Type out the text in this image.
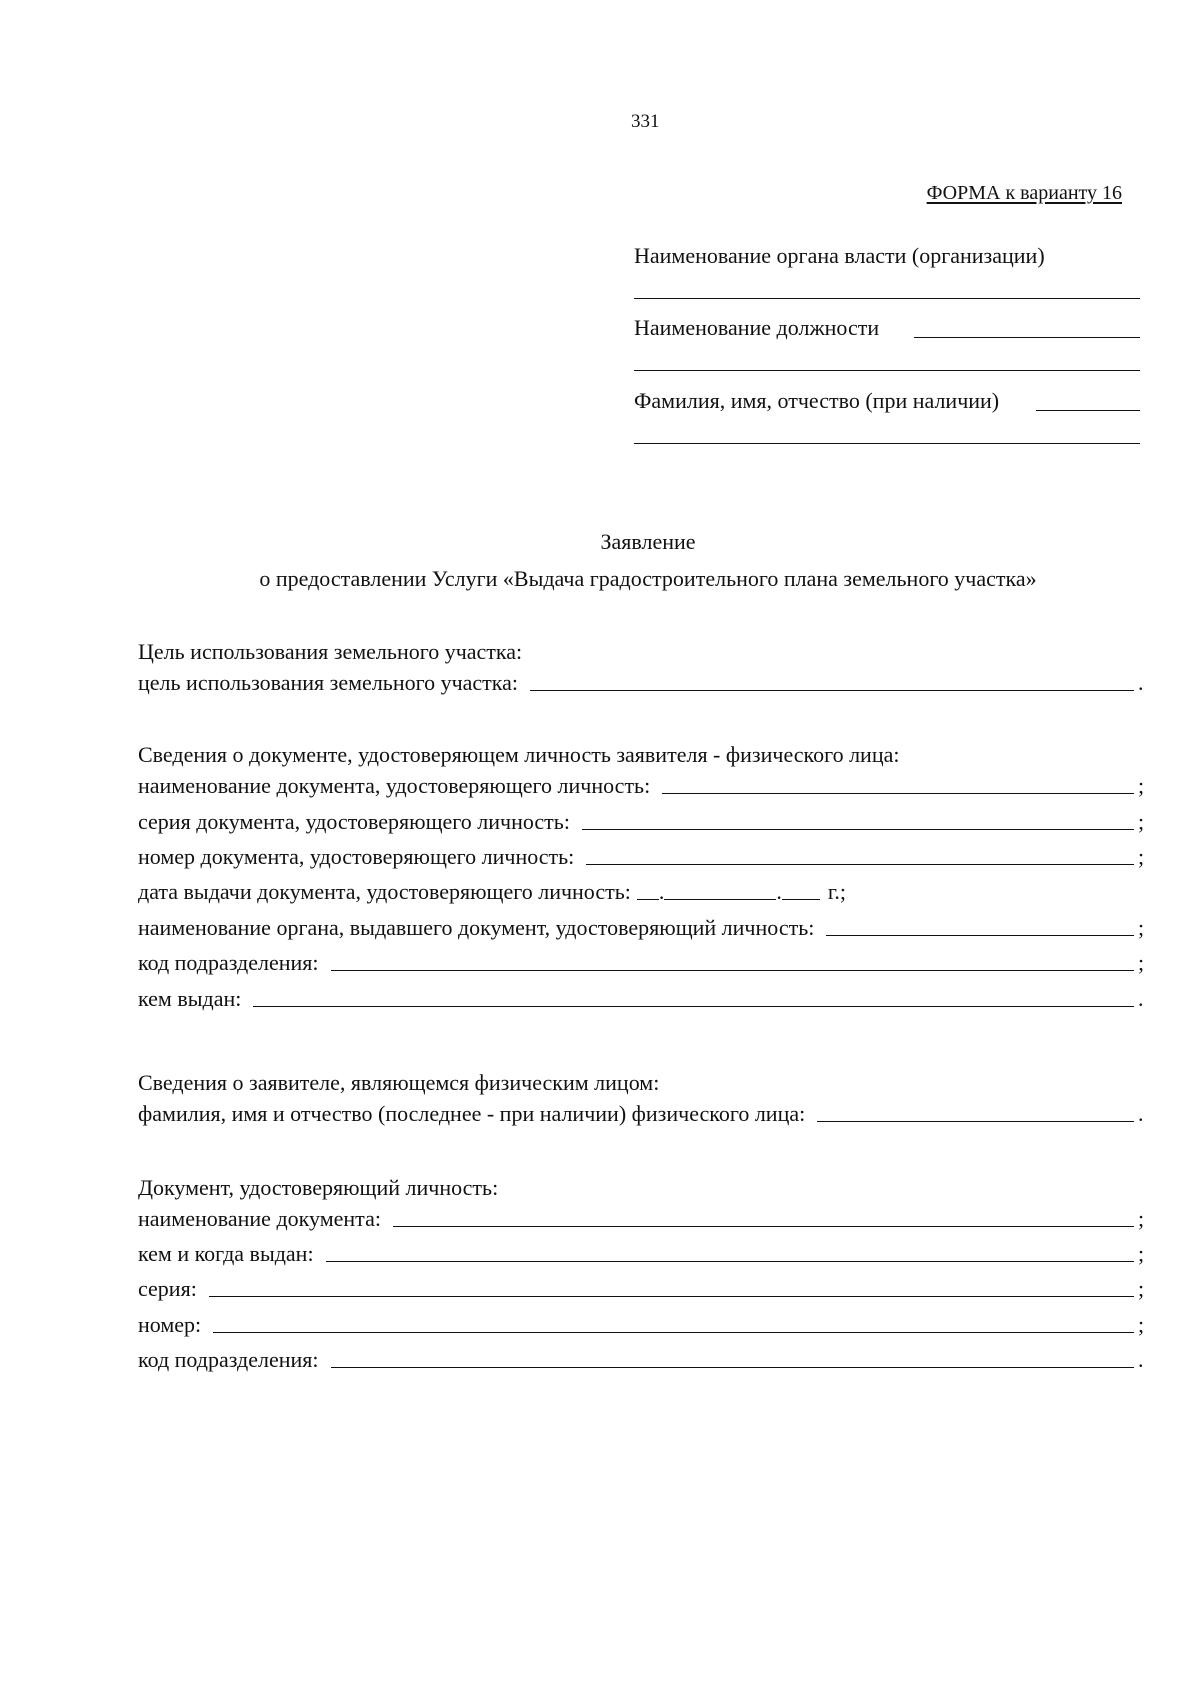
331
ФОРМА к варианту 16
Наименование органа власти (организации)
Наименование должности
Фамилия, имя, отчество (при наличии)
Заявление
о предоставлении Услуги «Выдача градостроительного плана земельного участка»
Цель использования земельного участка:
цель использования земельного участка:	.
Сведения о документе, удостоверяющем личность заявителя - физического лица:
наименование документа, удостоверяющего личность:	;
серия документа, удостоверяющего личность:	;
номер документа, удостоверяющего личность:	;
дата выдачи документа, удостоверяющего личность: .	. г.;
наименование органа, выдавшего документ, удостоверяющий личность:	;
код подразделения:	;
кем выдан:	.
Сведения о заявителе, являющемся физическим лицом:
фамилия, имя и отчество (последнее - при наличии) физического лица:	.
Документ, удостоверяющий личность:
наименование документа:	;
кем и когда выдан:	;
серия:	;
номер:	;
код подразделения:	.
